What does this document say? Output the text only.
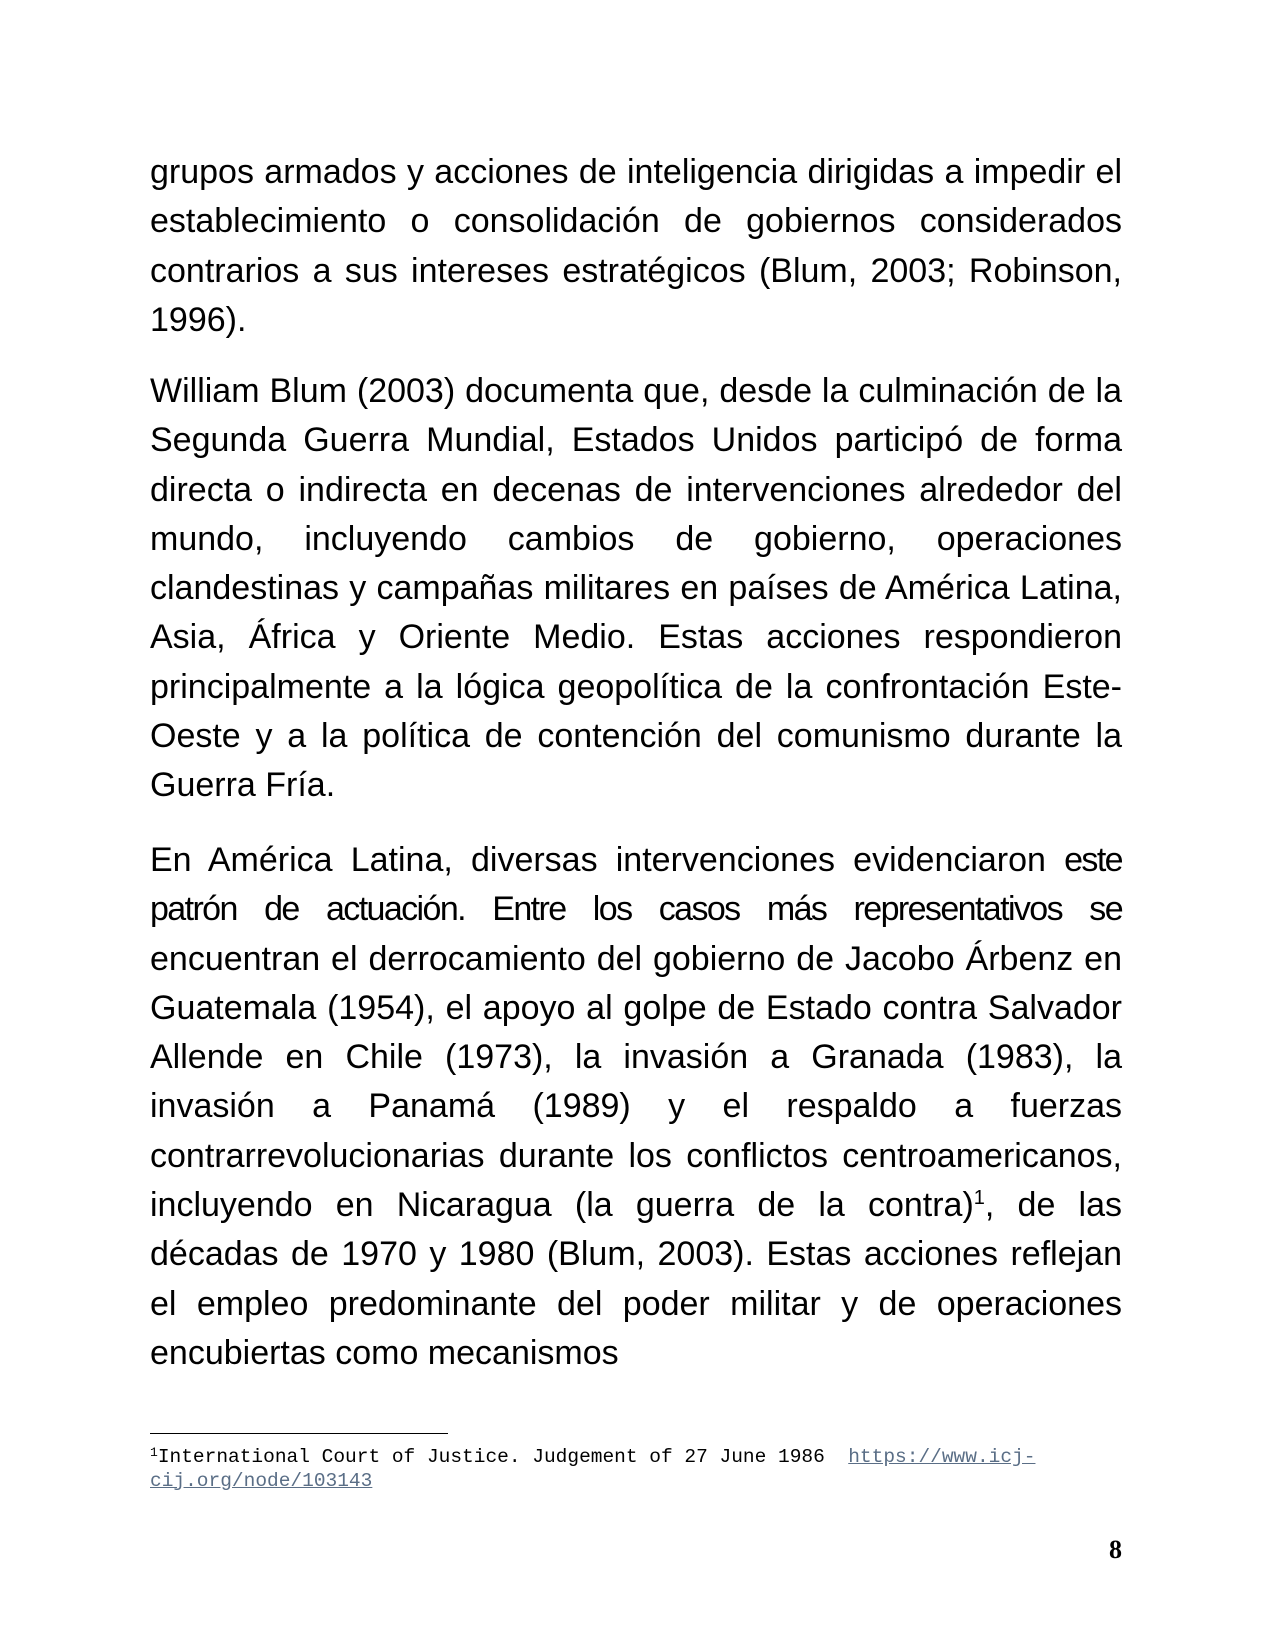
grupos armados y acciones de inteligencia dirigidas a impedir el establecimiento o consolidación de gobiernos considerados contrarios a sus intereses estratégicos (Blum, 2003; Robinson, 1996).

William Blum (2003) documenta que, desde la culminación de la Segunda Guerra Mundial, Estados Unidos participó de forma directa o indirecta en decenas de intervenciones alrededor del mundo, incluyendo cambios de gobierno, operaciones clandestinas y campañas militares en países de América Latina, Asia, África y Oriente Medio. Estas acciones respondieron principalmente a la lógica geopolítica de la confrontación Este-Oeste y a la política de contención del comunismo durante la Guerra Fría.

En América Latina, diversas intervenciones evidenciaron este patrón de actuación. Entre los casos más representativos se encuentran el derrocamiento del gobierno de Jacobo Árbenz en Guatemala (1954), el apoyo al golpe de Estado contra Salvador Allende en Chile (1973), la invasión a Granada (1983), la invasión a Panamá (1989) y el respaldo a fuerzas contrarrevolucionarias durante los conflictos centroamericanos, incluyendo en Nicaragua (la guerra de la contra)$^1$, de las décadas de 1970 y 1980 (Blum, 2003). Estas acciones reflejan el empleo predominante del poder militar y de operaciones encubiertas como mecanismos

$^1$International Court of Justice. Judgement of 27 June 1986 https://www.icj-cij.org/node/103143

8
